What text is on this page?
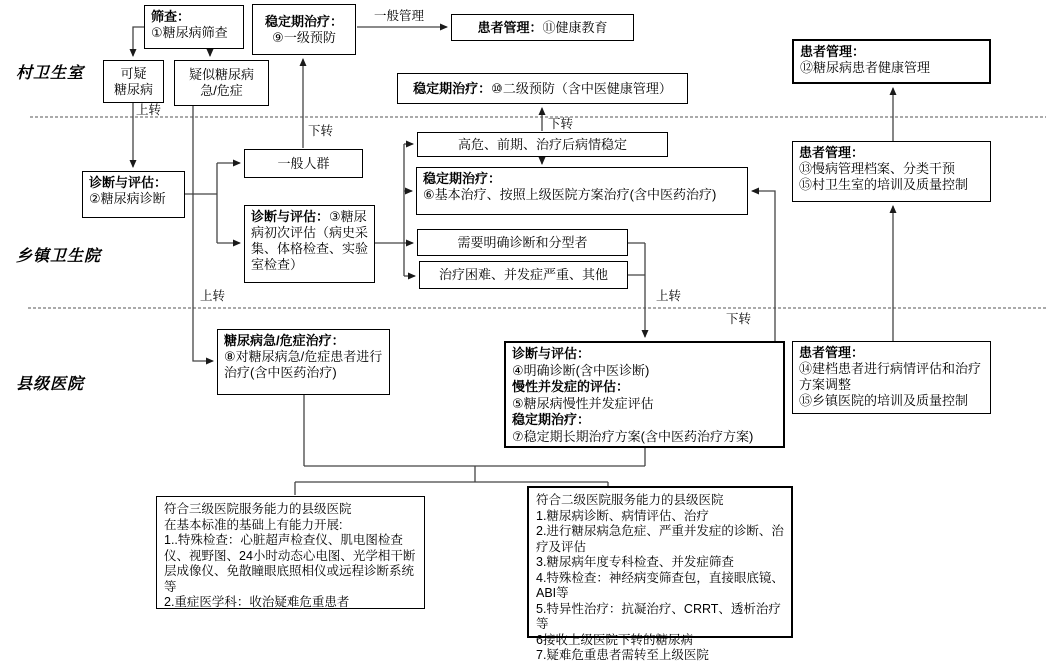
村卫生室
乡镇卫生院
县级医院
一般管理
上转
下转	下转
上转	上转
下转
筛查：
①糖尿病筛查
稳定期治疗：
⑨一级预防
患者管理： ⑪健康教育
患者管理：
⑫糖尿病患者健康管理
可疑
糖尿病
疑似糖尿病
急/危症	稳定期治疗： ⑩二级预防（含中医健康管理）
诊断与评估：
②糖尿病诊断
一般人群
诊断与评估：③糖尿病初次评估（病史采集、体格检查、实验室检查）
高危、前期、治疗后病情稳定
稳定期治疗：
⑥基本治疗、按照上级医院方案治疗(含中医药治疗)
需要明确诊断和分型者
治疗困难、并发症严重、其他
患者管理：
⑬慢病管理档案、分类干预
⑮村卫生室的培训及质量控制
糖尿病急/危症治疗：
⑧对糖尿病急/危症患者进行治疗(含中医药治疗)
诊断与评估：
④明确诊断(含中医诊断)
慢性并发症的评估：
⑤糖尿病慢性并发症评估
稳定期治疗：
⑦稳定期长期治疗方案(含中医药治疗方案)
患者管理：
⑭建档患者进行病情评估和治疗方案调整
⑮乡镇医院的培训及质量控制
符合三级医院服务能力的县级医院
在基本标准的基础上有能力开展:
1..特殊检查：心脏超声检查仪、肌电图检查仪、视野图、24小时动态心电图、光学相干断层成像仪、免散瞳眼底照相仪或远程诊断系统等
2.重症医学科：收治疑难危重患者
符合二级医院服务能力的县级医院
1.糖尿病诊断、病情评估、治疗
2.进行糖尿病急危症、严重并发症的诊断、治疗及评估
3.糖尿病年度专科检查、并发症筛查
4.特殊检查：神经病变筛查包，直接眼底镜、ABI等
5.特异性治疗：抗凝治疗、CRRT、透析治疗等
6接收上级医院下转的糖尿病
7.疑难危重患者需转至上级医院
